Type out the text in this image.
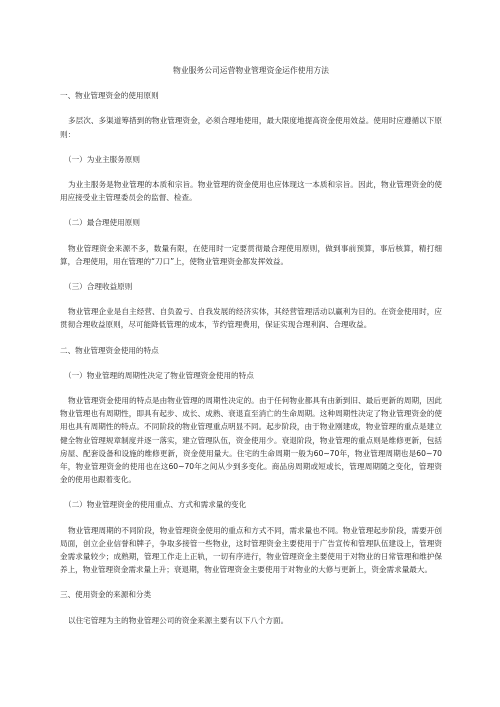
物业服务公司运营物业管理资金运作使用方法
一、物业管理资金的使用原则
多层次、多渠道筹措到的物业管理资金，必须合理地使用，最大限度地提高资金使用效益。使用时应遵循以下原则：
（一）为业主服务原则
为业主服务是物业管理的本质和宗旨。物业管理的资金使用也应体现这一本质和宗旨。因此，物业管理资金的使用应接受业主管理委员会的监督、检查。
（二）最合理使用原则
物业管理资金来源不多，数量有限，在使用时一定要贯彻最合理使用原则，做到事前预算，事后核算，精打细算，合理使用，用在管理的“刀口”上，使物业管理资金都发挥效益。
（三）合理收益原则
物业管理企业是自主经营、自负盈亏、自我发展的经济实体，其经营管理活动以赢利为目的。在资金使用时，应贯彻合理收益原则，尽可能降低管理的成本，节约管理费用，保证实现合理利润、合理收益。
二、物业管理资金使用的特点
（一）物业管理的周期性决定了物业管理资金使用的特点
物业管理资金使用的特点是由物业管理的周期性决定的。由于任何物业都具有由新到旧、最后更新的周期，因此物业管理也有周期性，即具有起步、成长、成熟、衰退直至消亡的生命周期。这种周期性决定了物业管理资金的使用也具有周期性的特点。不同阶段的物业管理重点明显不同。起步阶段，由于物业刚建成，物业管理的重点是建立健全物业管理规章制度并逐一落实，建立管理队伍，资金使用少。衰退阶段，物业管理的重点则是维修更新，包括房屋、配套设备和设施的维修更新，资金使用量大。住宅的生命周期一般为60~70年，物业管理周期也是60~70年，物业管理资金的使用也在这60~70年之间从少到多变化。商品房周期或短或长，管理周期随之变化，管理资金的使用也跟着变化。
（二）物业管理资金的使用重点、方式和需求量的变化
物业管理周期的不同阶段，物业管理资金使用的重点和方式不同，需求量也不同。物业管理起步阶段，需要开创局面，创立企业信誉和牌子，争取多接管一些物业，这时管理资金主要使用于广告宣传和管理队伍建设上，管理资金需求量较少；成熟期，管理工作走上正轨，一切有序进行，物业管理资金主要使用于对物业的日常管理和维护保养上，物业管理资金需求量上升；衰退期，物业管理资金主要使用于对物业的大修与更新上，资金需求量最大。
三、使用资金的来源和分类
以住宅管理为主的物业管理公司的资金来源主要有以下八个方面。
